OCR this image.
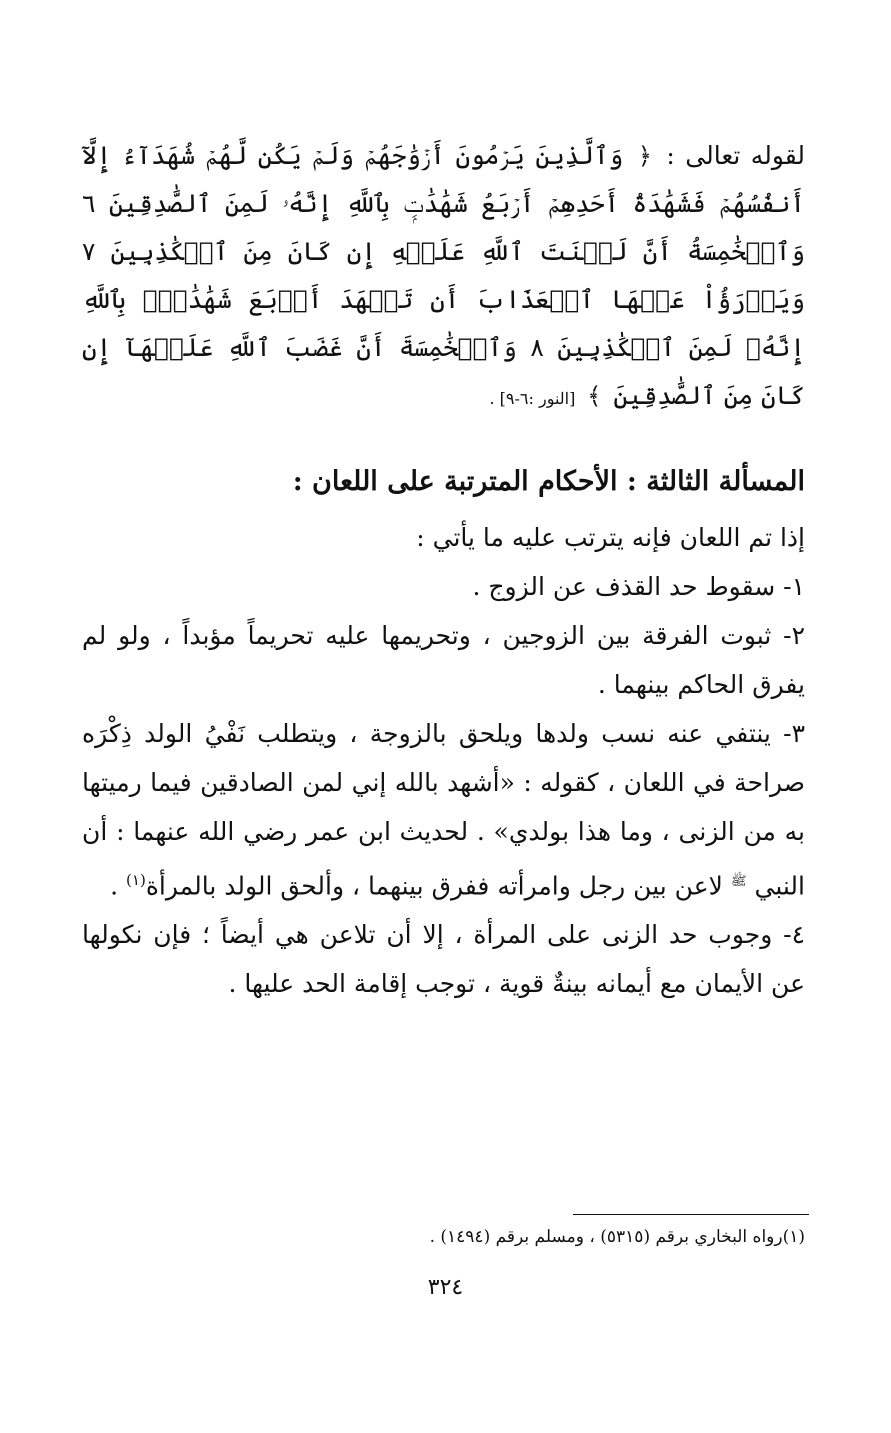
لقوله تعالى : ﴿ وَٱلَّذِينَ يَرۡمُونَ أَزۡوَٰجَهُمۡ وَلَمۡ يَكُن لَّهُمۡ شُهَدَآءُ إِلَّآ أَنفُسُهُمۡ فَشَهَٰدَةُ أَحَدِهِمۡ أَرۡبَعُ شَهَٰدَٰتِۭ بِٱللَّهِ إِنَّهُۥ لَمِنَ ٱلصَّٰدِقِينَ ٦ وَٱلۡخَٰمِسَةُ أَنَّ لَعۡنَتَ ٱللَّهِ عَلَيۡهِ إِن كَانَ مِنَ ٱلۡكَٰذِبِينَ ٧ وَيَدۡرَؤُاْ عَنۡهَا ٱلۡعَذَابَ أَن تَشۡهَدَ أَرۡبَعَ شَهَٰدَٰتِۭ بِٱللَّهِ إِنَّهُۥ لَمِنَ ٱلۡكَٰذِبِينَ ٨ وَٱلۡخَٰمِسَةَ أَنَّ غَضَبَ ٱللَّهِ عَلَيۡهَآ إِن كَانَ مِنَ ٱلصَّٰدِقِينَ ﴾ [النور :٦-٩] .

المسألة الثالثة : الأحكام المترتبة على اللعان :

إذا تم اللعان فإنه يترتب عليه ما يأتي :

١- سقوط حد القذف عن الزوج .

٢- ثبوت الفرقة بين الزوجين ، وتحريمها عليه تحريماً مؤبداً ، ولو لم يفرق الحاكم بينهما .

٣- ينتفي عنه نسب ولدها ويلحق بالزوجة ، ويتطلب نَفْيُ الولد ذِكْرَه صراحة في اللعان ، كقوله : «أشهد بالله إني لمن الصادقين فيما رميتها به من الزنى ، وما هذا بولدي» . لحديث ابن عمر رضي الله عنهما : أن النبي $^ﷺ$ لاعن بين رجل وامرأته ففرق بينهما ، وألحق الولد بالمرأة$^{(١)}$ .

٤- وجوب حد الزنى على المرأة ، إلا أن تلاعن هي أيضاً ؛ فإن نكولها عن الأيمان مع أيمانه بينةٌ قوية ، توجب إقامة الحد عليها .

(١)رواه البخاري برقم (٥٣١٥) ، ومسلم برقم (١٤٩٤) .
٣٢٤
